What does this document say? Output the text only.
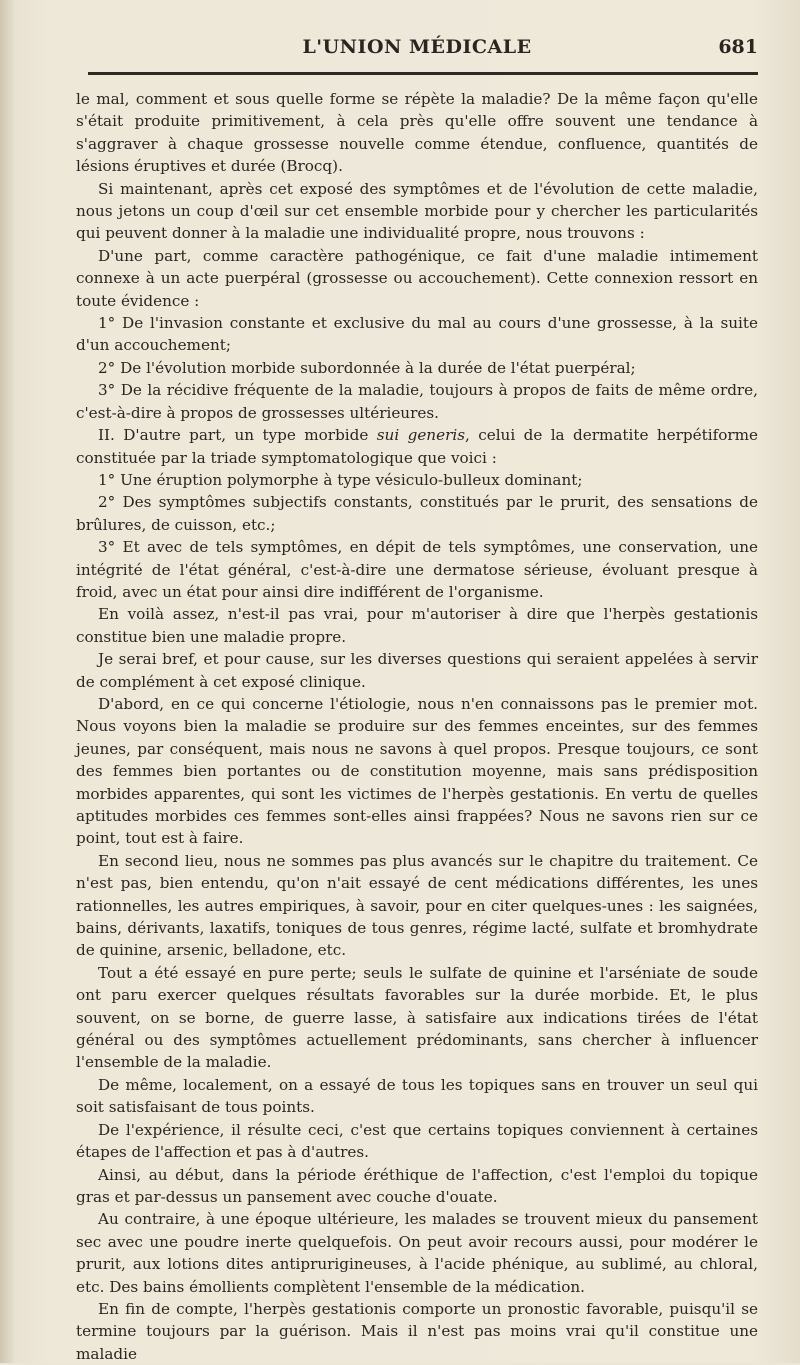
L'UNION MÉDICALE	681

le mal, comment et sous quelle forme se répète la maladie? De la même façon qu'elle s'était produite primitivement, à cela près qu'elle offre souvent une tendance à s'aggraver à chaque grossesse nouvelle comme étendue, confluence, quantités de lésions éruptives et durée (Brocq).

Si maintenant, après cet exposé des symptômes et de l'évolution de cette maladie, nous jetons un coup d'œil sur cet ensemble morbide pour y chercher les particularités qui peuvent donner à la maladie une individualité propre, nous trouvons :

D'une part, comme caractère pathogénique, ce fait d'une maladie intimement connexe à un acte puerpéral (grossesse ou accouchement). Cette connexion ressort en toute évidence :

1° De l'invasion constante et exclusive du mal au cours d'une grossesse, à la suite d'un accouchement;

2° De l'évolution morbide subordonnée à la durée de l'état puerpéral;

3° De la récidive fréquente de la maladie, toujours à propos de faits de même ordre, c'est-à-dire à propos de grossesses ultérieures.

II. D'autre part, un type morbide sui generis, celui de la dermatite herpétiforme constituée par la triade symptomatologique que voici :

1° Une éruption polymorphe à type vésiculo-bulleux dominant;

2° Des symptômes subjectifs constants, constitués par le prurit, des sensations de brûlures, de cuisson, etc.;

3° Et avec de tels symptômes, en dépit de tels symptômes, une conservation, une intégrité de l'état général, c'est-à-dire une dermatose sérieuse, évoluant presque à froid, avec un état pour ainsi dire indifférent de l'organisme.

En voilà assez, n'est-il pas vrai, pour m'autoriser à dire que l'herpès gestationis constitue bien une maladie propre.

Je serai bref, et pour cause, sur les diverses questions qui seraient appelées à servir de complément à cet exposé clinique.

D'abord, en ce qui concerne l'étiologie, nous n'en connaissons pas le premier mot. Nous voyons bien la maladie se produire sur des femmes enceintes, sur des femmes jeunes, par conséquent, mais nous ne savons à quel propos. Presque toujours, ce sont des femmes bien portantes ou de constitution moyenne, mais sans prédisposition morbides apparentes, qui sont les victimes de l'herpès gestationis. En vertu de quelles aptitudes morbides ces femmes sont-elles ainsi frappées? Nous ne savons rien sur ce point, tout est à faire.

En second lieu, nous ne sommes pas plus avancés sur le chapitre du traitement. Ce n'est pas, bien entendu, qu'on n'ait essayé de cent médications différentes, les unes rationnelles, les autres empiriques, à savoir, pour en citer quelques-unes : les saignées, bains, dérivants, laxatifs, toniques de tous genres, régime lacté, sulfate et bromhydrate de quinine, arsenic, belladone, etc.

Tout a été essayé en pure perte; seuls le sulfate de quinine et l'arséniate de soude ont paru exercer quelques résultats favorables sur la durée morbide. Et, le plus souvent, on se borne, de guerre lasse, à satisfaire aux indications tirées de l'état général ou des symptômes actuellement prédominants, sans chercher à influencer l'ensemble de la maladie.

De même, localement, on a essayé de tous les topiques sans en trouver un seul qui soit satisfaisant de tous points.

De l'expérience, il résulte ceci, c'est que certains topiques conviennent à certaines étapes de l'affection et pas à d'autres.

Ainsi, au début, dans la période éréthique de l'affection, c'est l'emploi du topique gras et par-dessus un pansement avec couche d'ouate.

Au contraire, à une époque ultérieure, les malades se trouvent mieux du pansement sec avec une poudre inerte quelquefois. On peut avoir recours aussi, pour modérer le prurit, aux lotions dites antiprurigineuses, à l'acide phénique, au sublimé, au chloral, etc. Des bains émollients complètent l'ensemble de la médication.

En fin de compte, l'herpès gestationis comporte un pronostic favorable, puisqu'il se termine toujours par la guérison. Mais il n'est pas moins vrai qu'il constitue une maladie
